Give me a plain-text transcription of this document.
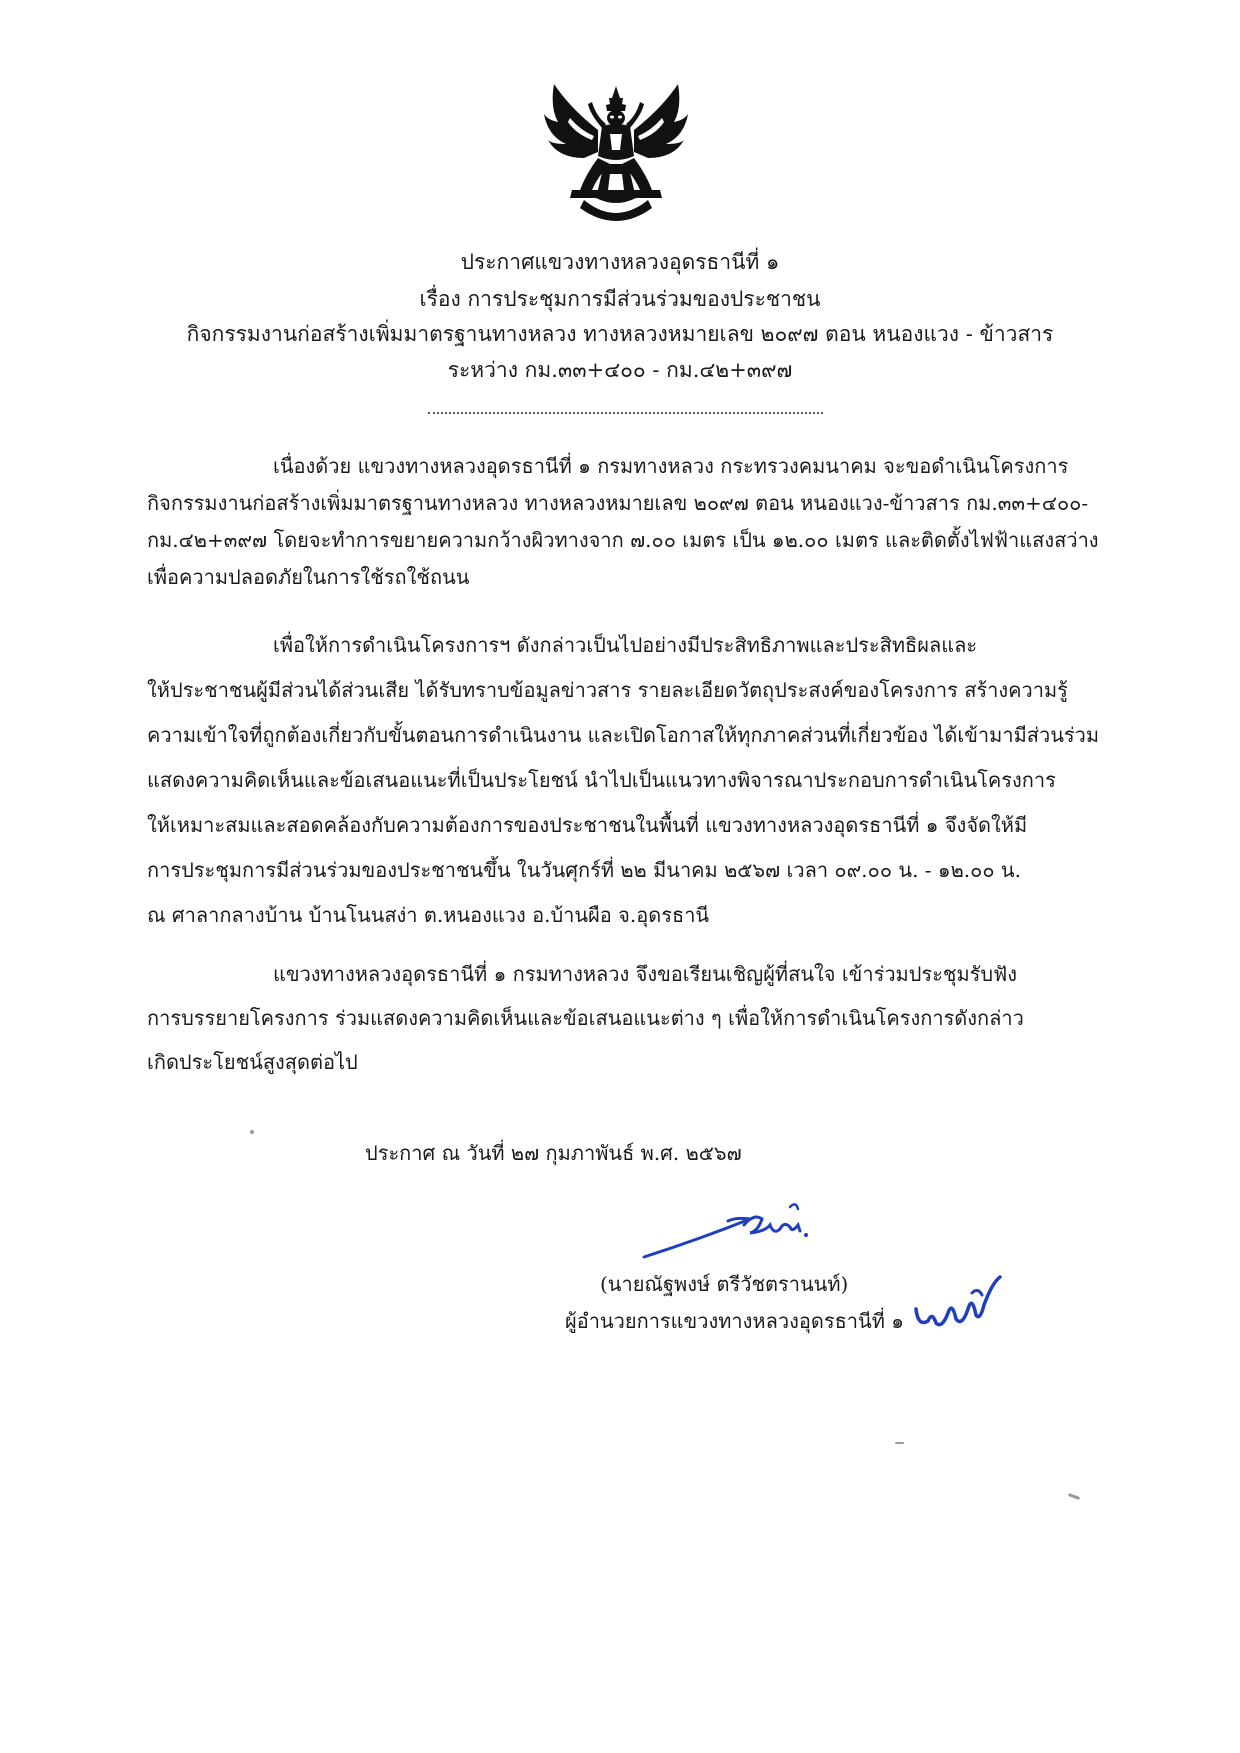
ประกาศแขวงทางหลวงอุดรธานีที่ ๑
เรื่อง การประชุมการมีส่วนร่วมของประชาชน
กิจกรรมงานก่อสร้างเพิ่มมาตรฐานทางหลวง ทางหลวงหมายเลข ๒๐๙๗ ตอน หนองแวง - ข้าวสาร
ระหว่าง กม.๓๓+๔๐๐ - กม.๔๒+๓๙๗
เนื่องด้วย แขวงทางหลวงอุดรธานีที่ ๑ กรมทางหลวง กระทรวงคมนาคม จะขอดำเนินโครงการ
กิจกรรมงานก่อสร้างเพิ่มมาตรฐานทางหลวง ทางหลวงหมายเลข ๒๐๙๗ ตอน หนองแวง-ข้าวสาร กม.๓๓+๔๐๐-
กม.๔๒+๓๙๗ โดยจะทำการขยายความกว้างผิวทางจาก ๗.๐๐ เมตร เป็น ๑๒.๐๐ เมตร และติดตั้งไฟฟ้าแสงสว่าง
เพื่อความปลอดภัยในการใช้รถใช้ถนน
เพื่อให้การดำเนินโครงการฯ ดังกล่าวเป็นไปอย่างมีประสิทธิภาพและประสิทธิผลและ
ให้ประชาชนผู้มีส่วนได้ส่วนเสีย ได้รับทราบข้อมูลข่าวสาร รายละเอียดวัตถุประสงค์ของโครงการ สร้างความรู้
ความเข้าใจที่ถูกต้องเกี่ยวกับขั้นตอนการดำเนินงาน และเปิดโอกาสให้ทุกภาคส่วนที่เกี่ยวข้อง ได้เข้ามามีส่วนร่วม
แสดงความคิดเห็นและข้อเสนอแนะที่เป็นประโยชน์ นำไปเป็นแนวทางพิจารณาประกอบการดำเนินโครงการ
ให้เหมาะสมและสอดคล้องกับความต้องการของประชาชนในพื้นที่ แขวงทางหลวงอุดรธานีที่ ๑ จึงจัดให้มี
การประชุมการมีส่วนร่วมของประชาชนขึ้น ในวันศุกร์ที่ ๒๒ มีนาคม ๒๕๖๗ เวลา ๐๙.๐๐ น. - ๑๒.๐๐ น.
ณ ศาลากลางบ้าน บ้านโนนสง่า ต.หนองแวง อ.บ้านผือ จ.อุดรธานี
แขวงทางหลวงอุดรธานีที่ ๑ กรมทางหลวง จึงขอเรียนเชิญผู้ที่สนใจ เข้าร่วมประชุมรับฟัง
การบรรยายโครงการ ร่วมแสดงความคิดเห็นและข้อเสนอแนะต่าง ๆ เพื่อให้การดำเนินโครงการดังกล่าว
เกิดประโยชน์สูงสุดต่อไป
ประกาศ ณ วันที่ ๒๗ กุมภาพันธ์ พ.ศ. ๒๕๖๗
(นายณัฐพงษ์ ตรีวัชตรานนท์)
ผู้อำนวยการแขวงทางหลวงอุดรธานีที่ ๑
